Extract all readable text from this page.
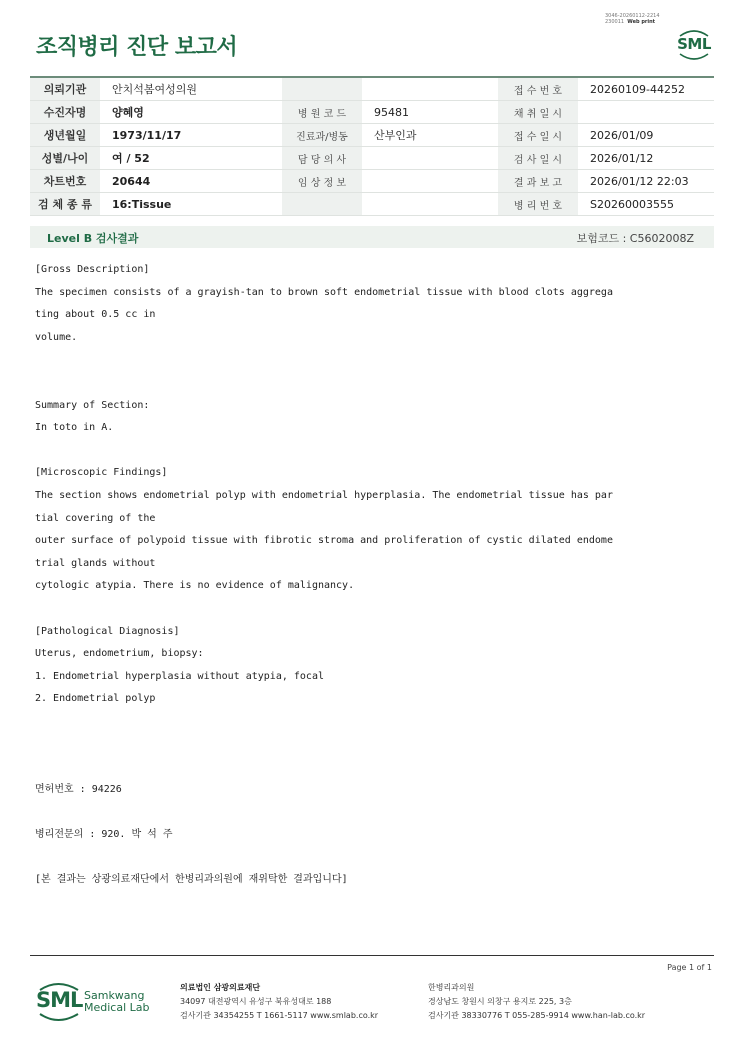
조직병리 진단 보고서
3046-20260112-2214
230011 Web print
SML
의뢰기관	안치석봄여성의원			접 수 번 호	20260109-44252
수진자명	양혜영	병 원 코 드	95481	채 취 일 시	
생년월일	1973/11/17	진료과/병동	산부인과	접 수 일 시	2026/01/09
성별/나이	여 / 52	담 당 의 사		검 사 일 시	2026/01/12
차트번호	20644	임 상 정 보		결 과 보 고	2026/01/12 22:03
검 체 종 류	16:Tissue			병 리 번 호	S20260003555
Level B 검사결과	보험코드 : C5602008Z
[Gross Description]
The specimen consists of a grayish-tan to brown soft endometrial tissue with blood clots aggrega
ting about 0.5 cc in
volume.
Summary of Section:
In toto in A.
[Microscopic Findings]
The section shows endometrial polyp with endometrial hyperplasia. The endometrial tissue has par
tial covering of the
outer surface of polypoid tissue with fibrotic stroma and proliferation of cystic dilated endome
trial glands without
cytologic atypia. There is no evidence of malignancy.
[Pathological Diagnosis]
Uterus, endometrium, biopsy:
1. Endometrial hyperplasia without atypia, focal
2. Endometrial polyp
면허번호 : 94226
병리전문의 : 920. 박 석 주
[본 결과는 상광의료재단에서 한병리과의원에 재위탁한 결과입니다]
Page 1 of 1
SML Samkwang
Medical Lab
의료법인 삼광의료재단
34097 대전광역시 유성구 북유성대로 188
검사기관 34354255 T 1661-5117 www.smlab.co.kr
한병리과의원
경상남도 창원시 의창구 용지로 225, 3층
검사기관 38330776 T 055-285-9914 www.han-lab.co.kr
